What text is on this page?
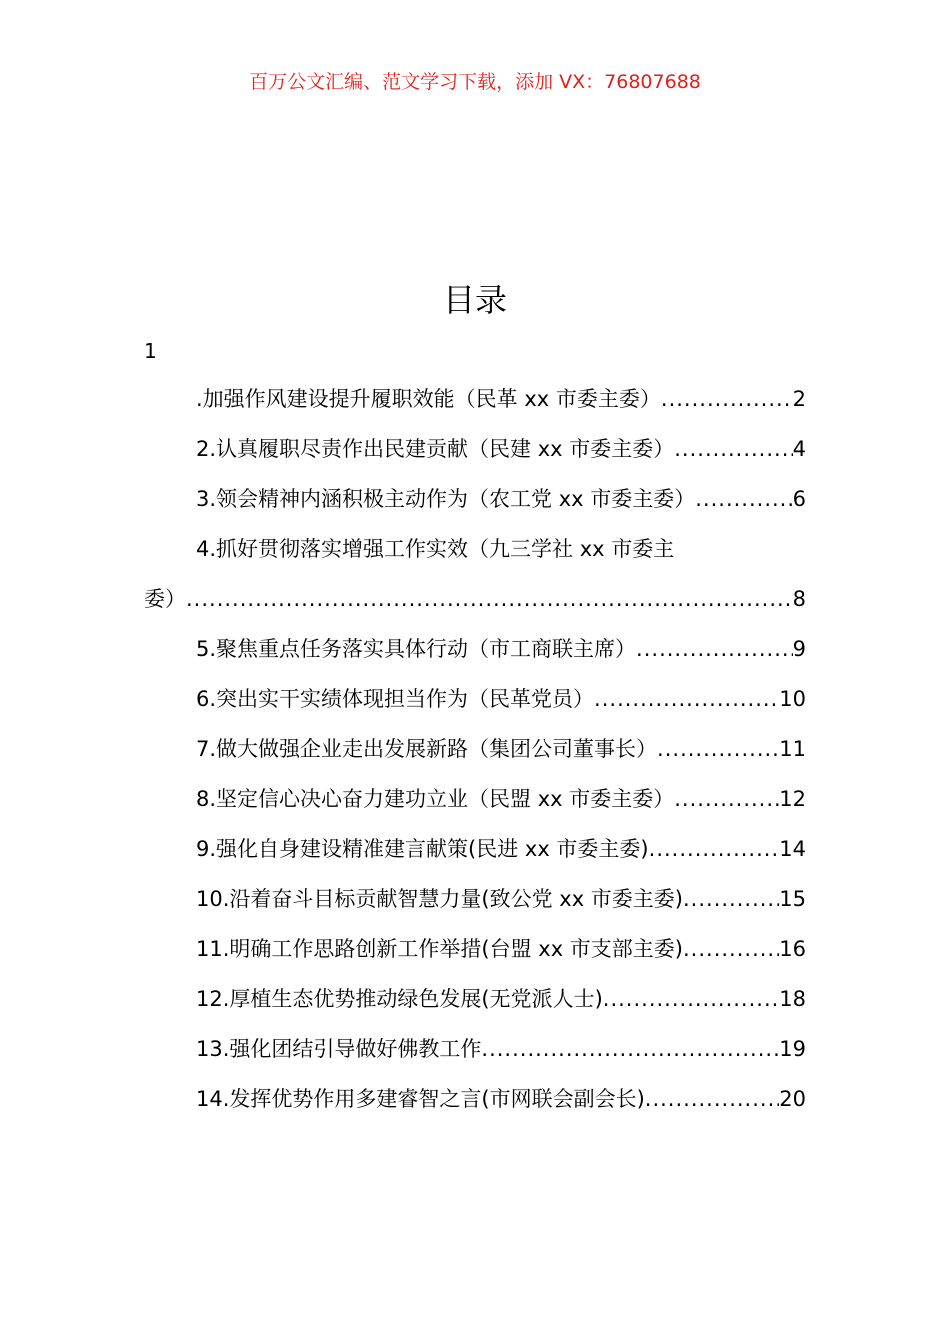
百万公文汇编、范文学习下载，添加 VX：76807688
目录
1
.加强作风建设提升履职效能（民革 xx 市委主委） .....	2
2.认真履职尽责作出民建贡献（民建 xx 市委主委） .....	4
3.领会精神内涵积极主动作为（农工党 xx 市委主委） .....	6
4.抓好贯彻落实增强工作实效（九三学社 xx 市委主
委） .....	8
5.聚焦重点任务落实具体行动（市工商联主席） .....	9
6.突出实干实绩体现担当作为（民革党员） .....	10
7.做大做强企业走出发展新路（集团公司董事长） .....	11
8.坚定信心决心奋力建功立业（民盟 xx 市委主委） .....	12
9.强化自身建设精准建言献策(民进 xx 市委主委) .....	14
10.沿着奋斗目标贡献智慧力量(致公党 xx 市委主委) .....	15
11.明确工作思路创新工作举措(台盟 xx 市支部主委) .....	16
12.厚植生态优势推动绿色发展(无党派人士) .....	18
13.强化团结引导做好佛教工作 .....	19
14.发挥优势作用多建睿智之言(市网联会副会长) .....	20
